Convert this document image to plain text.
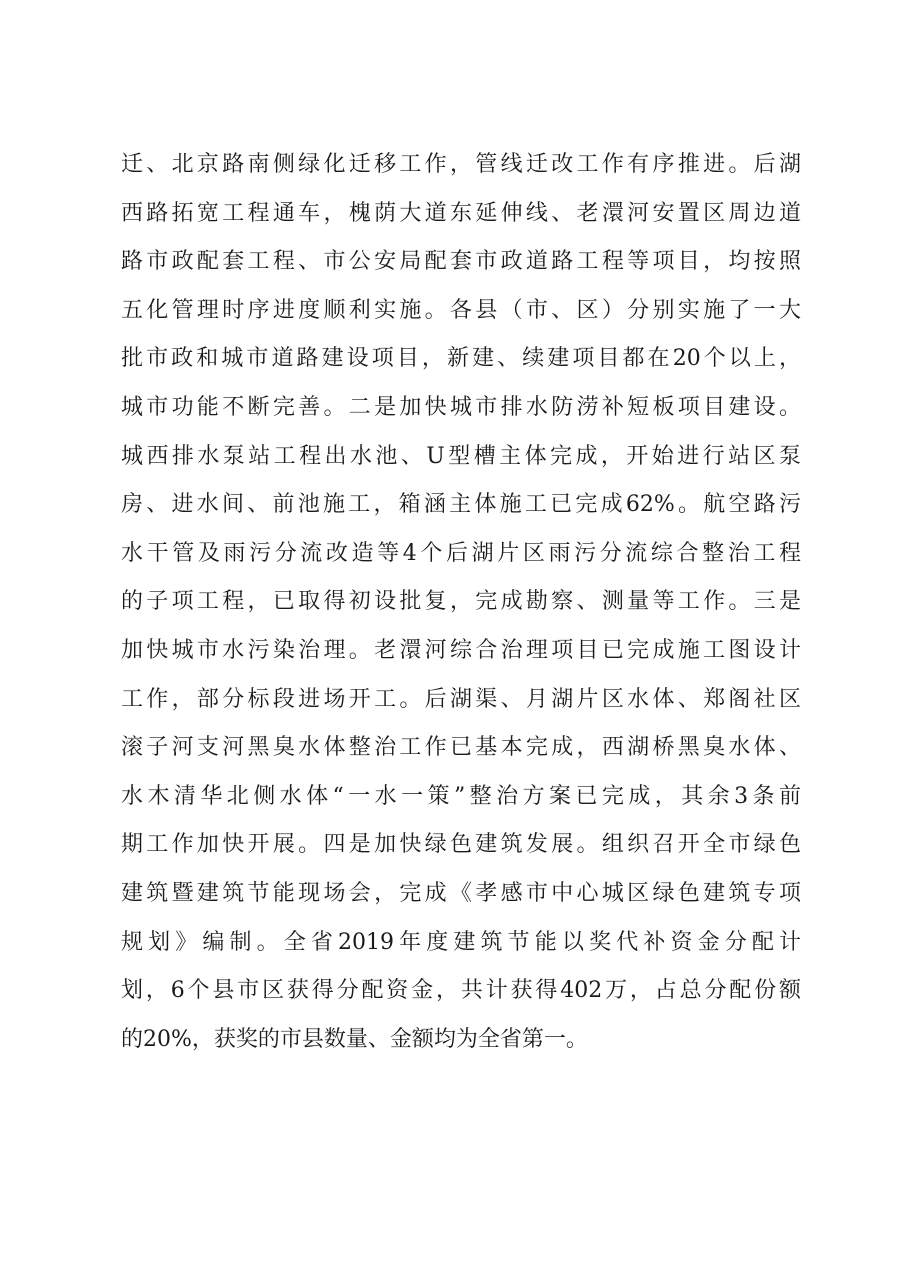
迁、北京路南侧绿化迁移工作，管线迁改工作有序推进。后湖
西路拓宽工程通车，槐荫大道东延伸线、老澴河安置区周边道
路市政配套工程、市公安局配套市政道路工程等项目，均按照
五化管理时序进度顺利实施。各县（市、区）分别实施了一大
批市政和城市道路建设项目，新建、续建项目都在20个以上，
城市功能不断完善。二是加快城市排水防涝补短板项目建设。
城西排水泵站工程出水池、U型槽主体完成，开始进行站区泵
房、进水间、前池施工，箱涵主体施工已完成62%。航空路污
水干管及雨污分流改造等4个后湖片区雨污分流综合整治工程
的子项工程，已取得初设批复，完成勘察、测量等工作。三是
加快城市水污染治理。老澴河综合治理项目已完成施工图设计
工作，部分标段进场开工。后湖渠、月湖片区水体、郑阁社区
滚子河支河黑臭水体整治工作已基本完成，西湖桥黑臭水体、
水木清华北侧水体“一水一策”整治方案已完成，其余3条前
期工作加快开展。四是加快绿色建筑发展。组织召开全市绿色
建筑暨建筑节能现场会，完成《孝感市中心城区绿色建筑专项
规划》编制。全省2019年度建筑节能以奖代补资金分配计
划，6个县市区获得分配资金，共计获得402万，占总分配份额
的20%，获奖的市县数量、金额均为全省第一。
